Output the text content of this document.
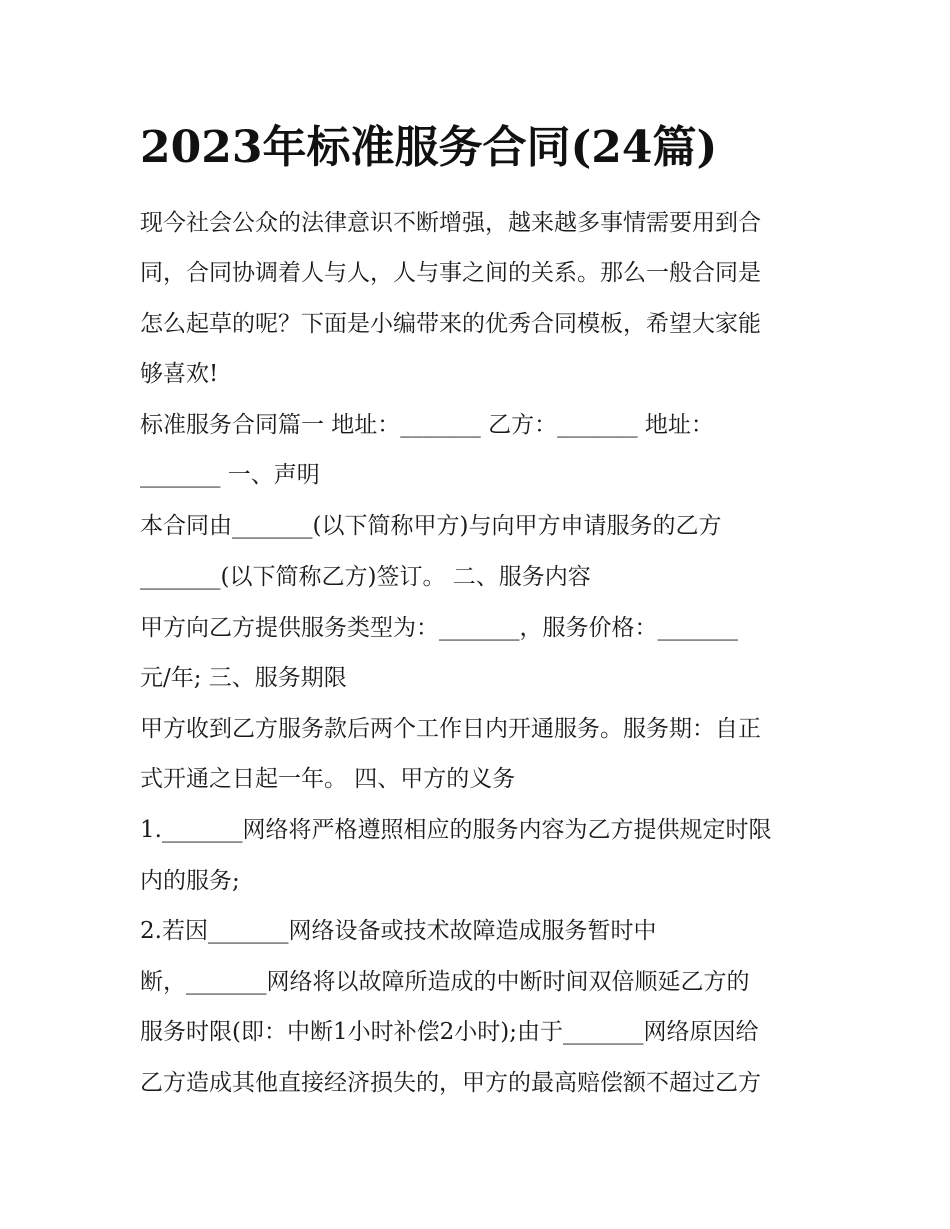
2023年标准服务合同(24篇)

现今社会公众的法律意识不断增强，越来越多事情需要用到合

同，合同协调着人与人，人与事之间的关系。那么一般合同是

怎么起草的呢？下面是小编带来的优秀合同模板，希望大家能

够喜欢!

标准服务合同篇一 地址：_______ 乙方：_______ 地址：

_______ 一、声明

本合同由_______(以下简称甲方)与向甲方申请服务的乙方

_______(以下简称乙方)签订。 二、服务内容

甲方向乙方提供服务类型为：_______，服务价格：_______

元/年; 三、服务期限

甲方收到乙方服务款后两个工作日内开通服务。服务期：自正

式开通之日起一年。 四、甲方的义务

1._______网络将严格遵照相应的服务内容为乙方提供规定时限

内的服务;

2.若因_______网络设备或技术故障造成服务暂时中

断，_______网络将以故障所造成的中断时间双倍顺延乙方的

服务时限(即：中断1小时补偿2小时);由于_______网络原因给

乙方造成其他直接经济损失的，甲方的最高赔偿额不超过乙方
